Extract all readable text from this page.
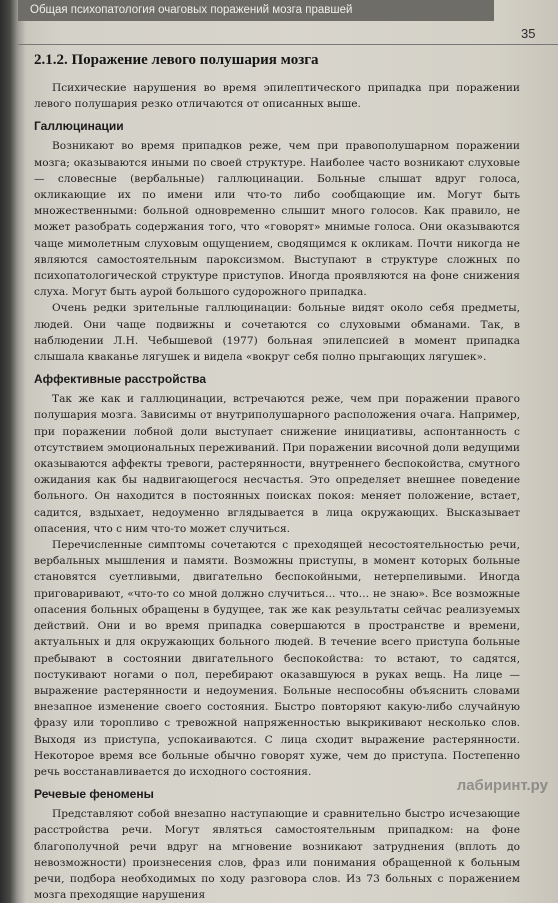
Общая психопатология очаговых поражений мозга правшей
35
2.1.2. Поражение левого полушария мозга

Психические нарушения во время эпилептического припадка при поражении левого полушария резко отличаются от описанных выше.

Галлюцинации

Возникают во время припадков реже, чем при правополушарном поражении мозга; оказываются иными по своей структуре. Наиболее часто возникают слуховые — словесные (вербальные) галлюцинации. Больные слышат вдруг голоса, окликающие их по имени или что-то либо сообщающие им. Могут быть множественными: больной одновременно слышит много голосов. Как правило, не может разобрать содержания того, что «говорят» мнимые голоса. Они оказываются чаще мимолетным слуховым ощущением, сводящимся к окликам. Почти никогда не являются самостоятельным пароксизмом. Выступают в структуре сложных по психопатологической структуре приступов. Иногда проявляются на фоне снижения слуха. Могут быть аурой большого судорожного припадка.

Очень редки зрительные галлюцинации: больные видят около себя предметы, людей. Они чаще подвижны и сочетаются со слуховыми обманами. Так, в наблюдении Л.Н. Чебышевой (1977) больная эпилепсией в момент припадка слышала кваканье лягушек и видела «вокруг себя полно прыгающих лягушек».

Аффективные расстройства

Так же как и галлюцинации, встречаются реже, чем при поражении правого полушария мозга. Зависимы от внутриполушарного расположения очага. Например, при поражении лобной доли выступает снижение инициативы, аспонтанность с отсутствием эмоциональных переживаний. При поражении височной доли ведущими оказываются аффекты тревоги, растерянности, внутреннего беспокойства, смутного ожидания как бы надвигающегося несчастья. Это определяет внешнее поведение больного. Он находится в постоянных поисках покоя: меняет положение, встает, садится, вздыхает, недоуменно вглядывается в лица окружающих. Высказывает опасения, что с ним что-то может случиться.

Перечисленные симптомы сочетаются с преходящей несостоятельностью речи, вербальных мышления и памяти. Возможны приступы, в момент которых больные становятся суетливыми, двигательно беспокойными, нетерпеливыми. Иногда приговаривают, «что-то со мной должно случиться… что… не знаю». Все возможные опасения больных обращены в будущее, так же как результаты сейчас реализуемых действий. Они и во время припадка совершаются в пространстве и времени, актуальных и для окружающих больного людей. В течение всего приступа больные пребывают в состоянии двигательного беспокойства: то встают, то садятся, постукивают ногами о пол, перебирают оказавшуюся в руках вещь. На лице — выражение растерянности и недоумения. Больные неспособны объяснить словами внезапное изменение своего состояния. Быстро повторяют какую-либо случайную фразу или торопливо с тревожной напряженностью выкрикивают несколько слов. Выходя из приступа, успокаиваются. С лица сходит выражение растерянности. Некоторое время все больные обычно говорят хуже, чем до приступа. Постепенно речь восстанавливается до исходного состояния.

Речевые феномены

Представляют собой внезапно наступающие и сравнительно быстро исчезающие расстройства речи. Могут являться самостоятельным припадком: на фоне благополучной речи вдруг на мгновение возникают затруднения (вплоть до невозможности) произнесения слов, фраз или понимания обращенной к больным речи, подбора необходимых по ходу разговора слов. Из 73 больных с поражением мозга преходящие нарушения

лабиринт.ру
